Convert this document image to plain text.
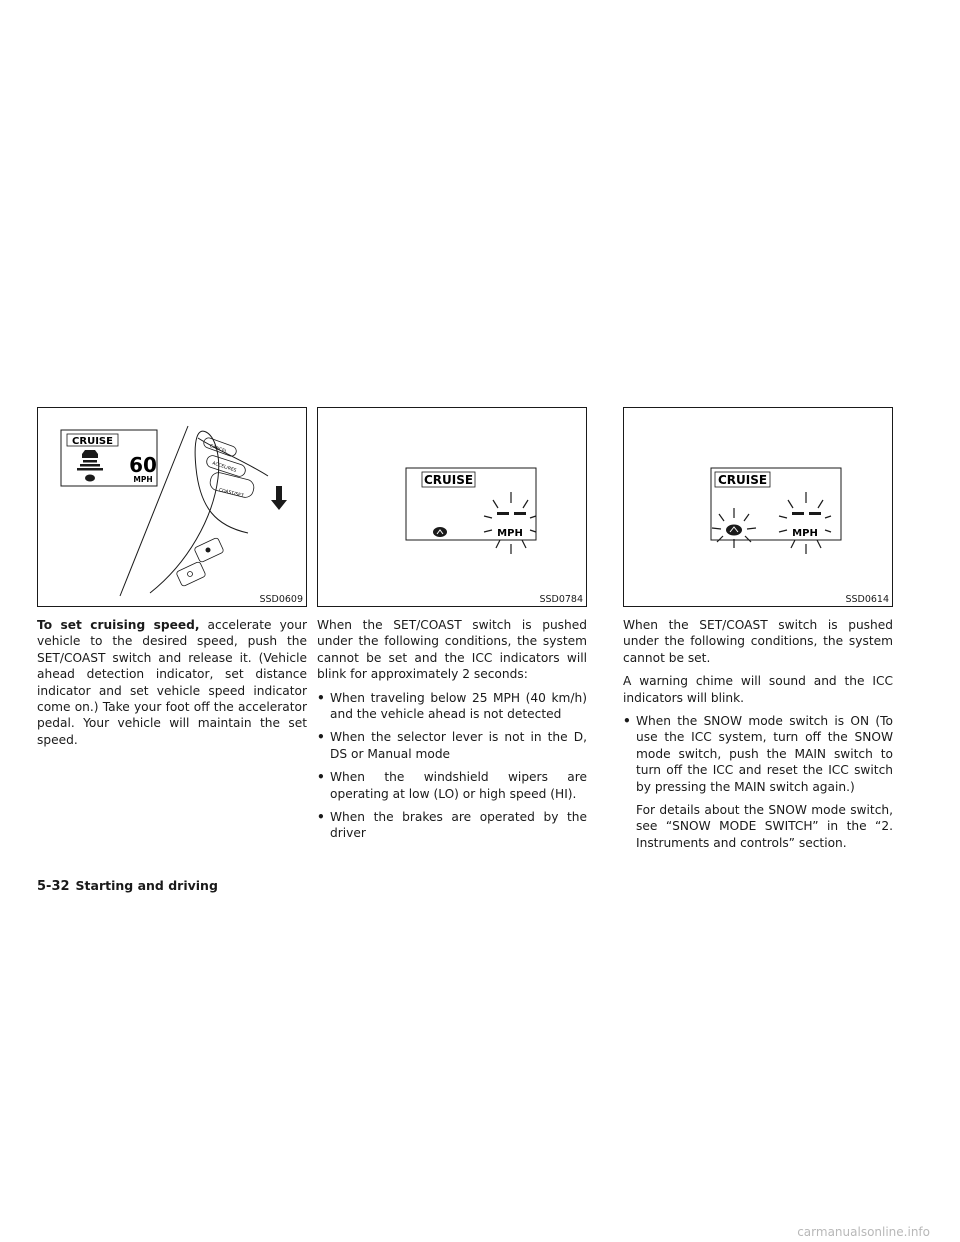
CRUISE
60
MPH
CANCEL
ACCEL/RES
COAST/SET
SSD0609

To set cruising speed, accelerate your vehicle to the desired speed, push the SET/COAST switch and release it. (Vehicle ahead detection indicator, set distance indicator and set vehicle speed indicator come on.) Take your foot off the accelerator pedal. Your vehicle will maintain the set speed.

CRUISE
MPH
SSD0784

When the SET/COAST switch is pushed under the following conditions, the system cannot be set and the ICC indicators will blink for approximately 2 seconds:

• When traveling below 25 MPH (40 km/h) and the vehicle ahead is not detected
• When the selector lever is not in the D, DS or Manual mode
• When the windshield wipers are operating at low (LO) or high speed (HI).
• When the brakes are operated by the driver
CRUISE
MPH
SSD0614

When the SET/COAST switch is pushed under the following conditions, the system cannot be set.

A warning chime will sound and the ICC indicators will blink.

• When the SNOW mode switch is ON (To use the ICC system, turn off the SNOW mode switch, push the MAIN switch to turn off the ICC and reset the ICC switch by pressing the MAIN switch again.)

For details about the SNOW mode switch, see “SNOW MODE SWITCH” in the “2. Instruments and controls” section.

5-32 Starting and driving
carmanualsonline.info
